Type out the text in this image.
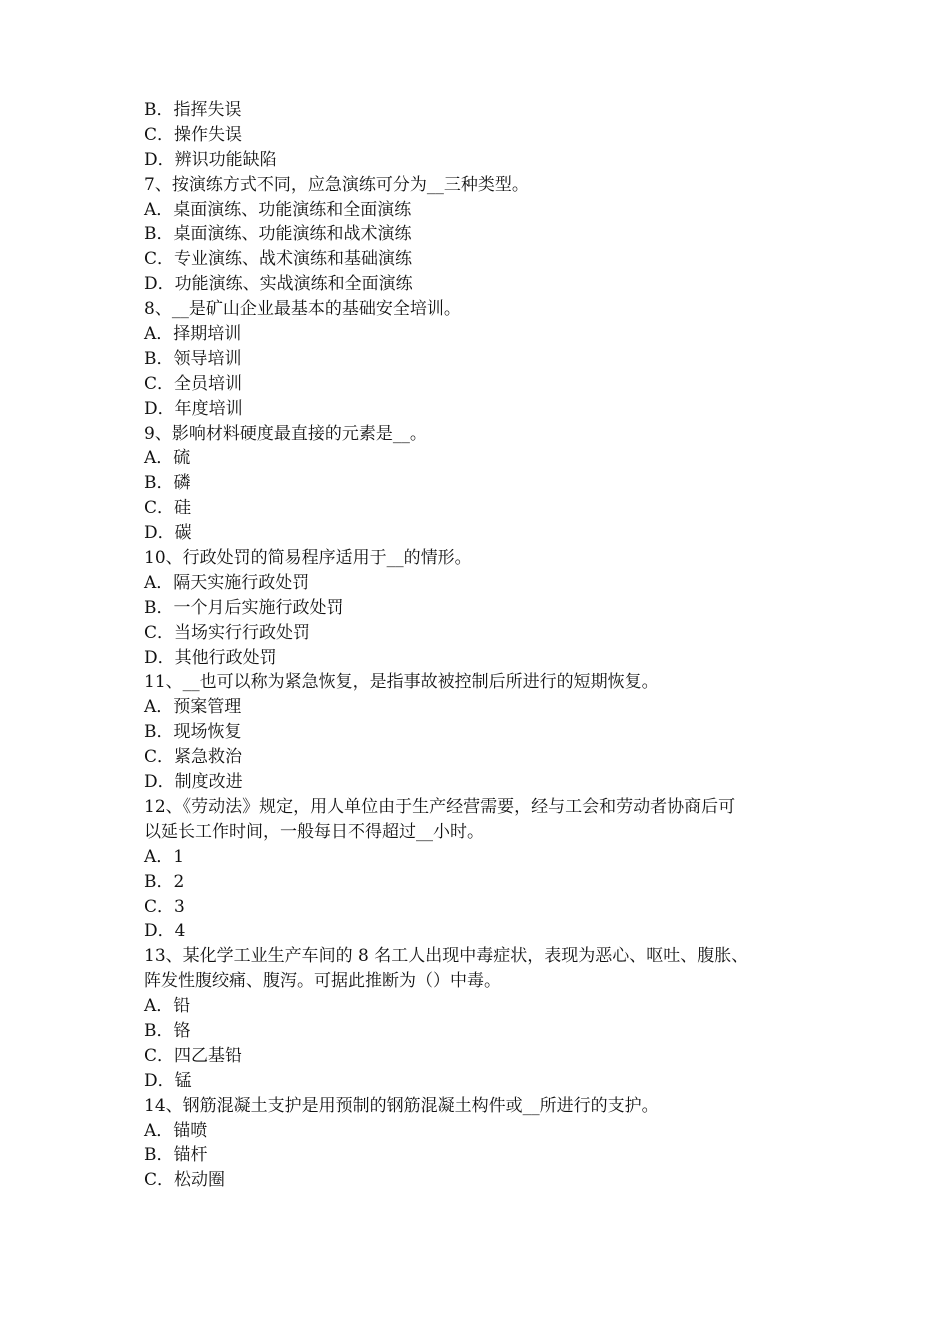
B．指挥失误
C．操作失误
D．辨识功能缺陷
7、按演练方式不同，应急演练可分为__三种类型。
A．桌面演练、功能演练和全面演练
B．桌面演练、功能演练和战术演练
C．专业演练、战术演练和基础演练
D．功能演练、实战演练和全面演练
8、__是矿山企业最基本的基础安全培训。
A．择期培训
B．领导培训
C．全员培训
D．年度培训
9、影响材料硬度最直接的元素是__。
A．硫
B．磷
C．硅
D．碳
10、行政处罚的简易程序适用于__的情形。
A．隔天实施行政处罚
B．一个月后实施行政处罚
C．当场实行行政处罚
D．其他行政处罚
11、__也可以称为紧急恢复，是指事故被控制后所进行的短期恢复。
A．预案管理
B．现场恢复
C．紧急救治
D．制度改进
12、《劳动法》规定，用人单位由于生产经营需要，经与工会和劳动者协商后可
以延长工作时间，一般每日不得超过__小时。
A．1
B．2
C．3
D．4
13、某化学工业生产车间的 8 名工人出现中毒症状，表现为恶心、呕吐、腹胀、
阵发性腹绞痛、腹泻。可据此推断为（）中毒。
A．铅
B．铬
C．四乙基铅
D．锰
14、钢筋混凝土支护是用预制的钢筋混凝土构件或__所进行的支护。
A．锚喷
B．锚杆
C．松动圈
